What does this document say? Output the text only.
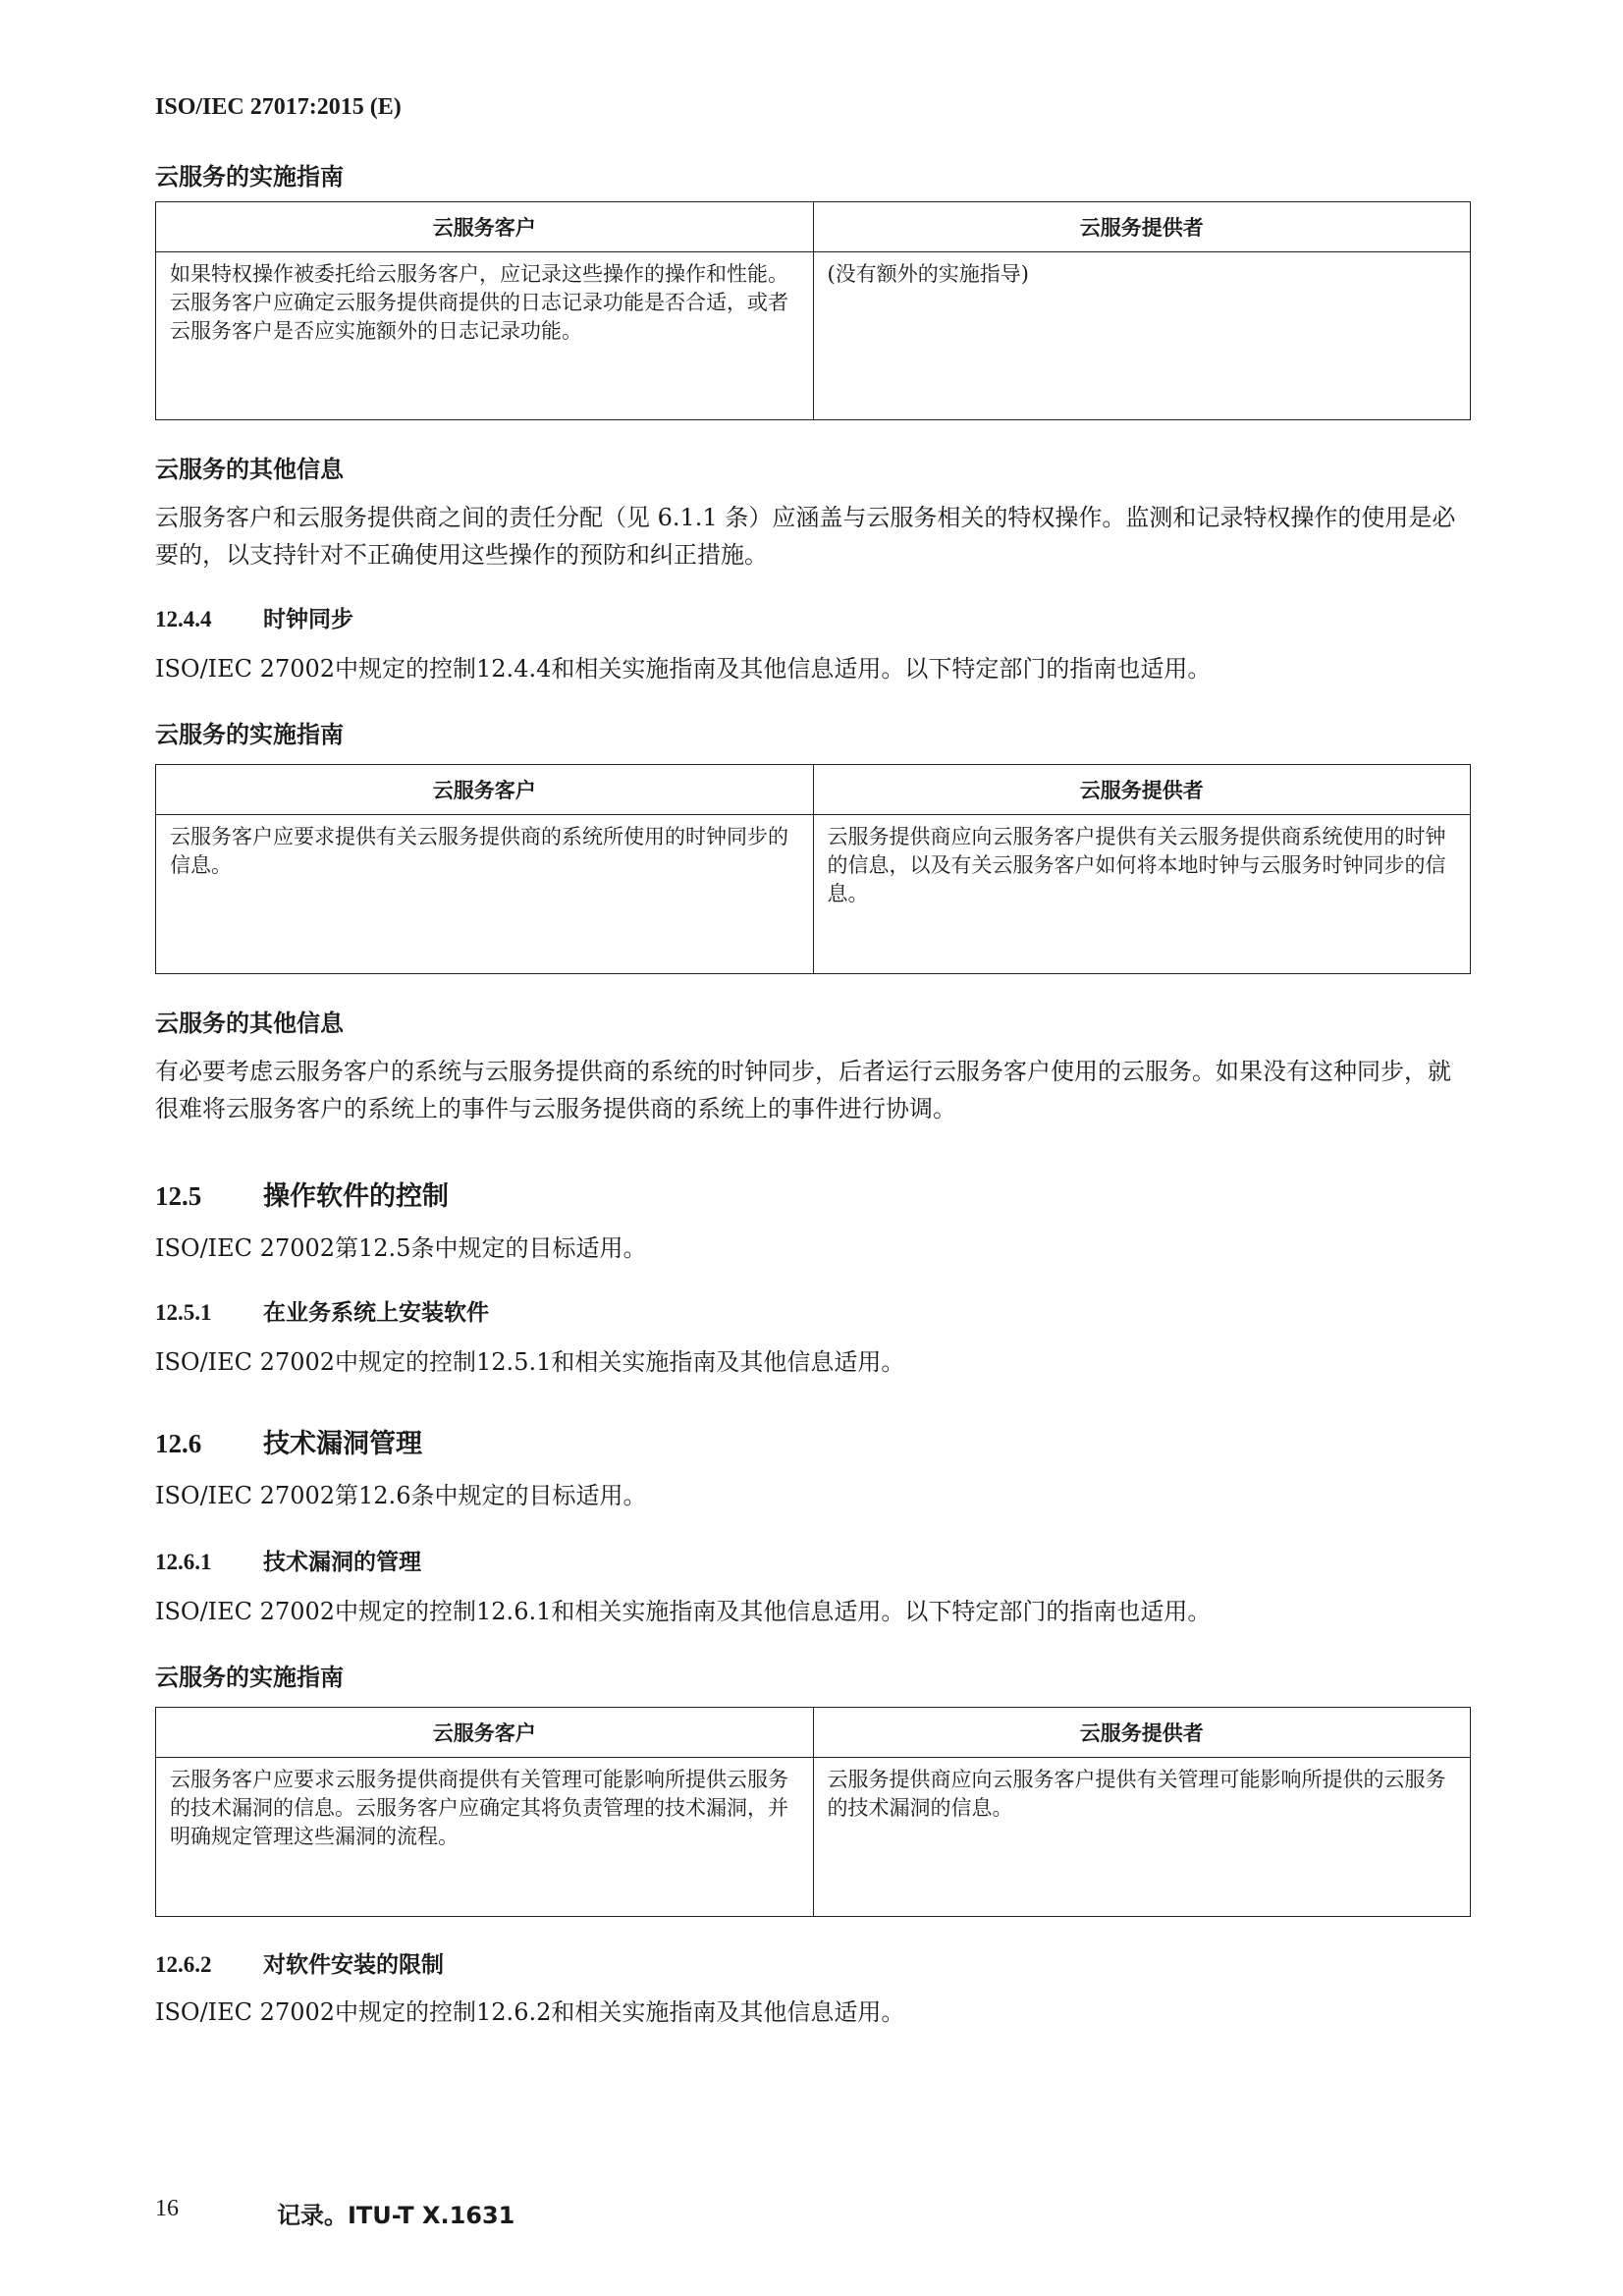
ISO/IEC 27017:2015 (E)
云服务的实施指南
云服务客户	云服务提供者
如果特权操作被委托给云服务客户，应记录这些操作的操作和性能。云服务客户应确定云服务提供商提供的日志记录功能是否合适，或者云服务客户是否应实施额外的日志记录功能。	(没有额外的实施指导)
云服务的其他信息
云服务客户和云服务提供商之间的责任分配（见 6.1.1 条）应涵盖与云服务相关的特权操作。监测和记录特权操作的使用是必要的，以支持针对不正确使用这些操作的预防和纠正措施。
12.4.4 时钟同步
ISO/IEC 27002中规定的控制12.4.4和相关实施指南及其他信息适用。以下特定部门的指南也适用。
云服务的实施指南
云服务客户	云服务提供者
云服务客户应要求提供有关云服务提供商的系统所使用的时钟同步的信息。	云服务提供商应向云服务客户提供有关云服务提供商系统使用的时钟的信息，以及有关云服务客户如何将本地时钟与云服务时钟同步的信息。
云服务的其他信息
有必要考虑云服务客户的系统与云服务提供商的系统的时钟同步，后者运行云服务客户使用的云服务。如果没有这种同步，就很难将云服务客户的系统上的事件与云服务提供商的系统上的事件进行协调。
12.5 操作软件的控制
ISO/IEC 27002第12.5条中规定的目标适用。
12.5.1 在业务系统上安装软件
ISO/IEC 27002中规定的控制12.5.1和相关实施指南及其他信息适用。
12.6 技术漏洞管理
ISO/IEC 27002第12.6条中规定的目标适用。
12.6.1 技术漏洞的管理
ISO/IEC 27002中规定的控制12.6.1和相关实施指南及其他信息适用。以下特定部门的指南也适用。
云服务的实施指南
云服务客户	云服务提供者
云服务客户应要求云服务提供商提供有关管理可能影响所提供云服务的技术漏洞的信息。云服务客户应确定其将负责管理的技术漏洞，并明确规定管理这些漏洞的流程。	云服务提供商应向云服务客户提供有关管理可能影响所提供的云服务的技术漏洞的信息。
12.6.2 对软件安装的限制
ISO/IEC 27002中规定的控制12.6.2和相关实施指南及其他信息适用。
16	记录。ITU-T X.1631
